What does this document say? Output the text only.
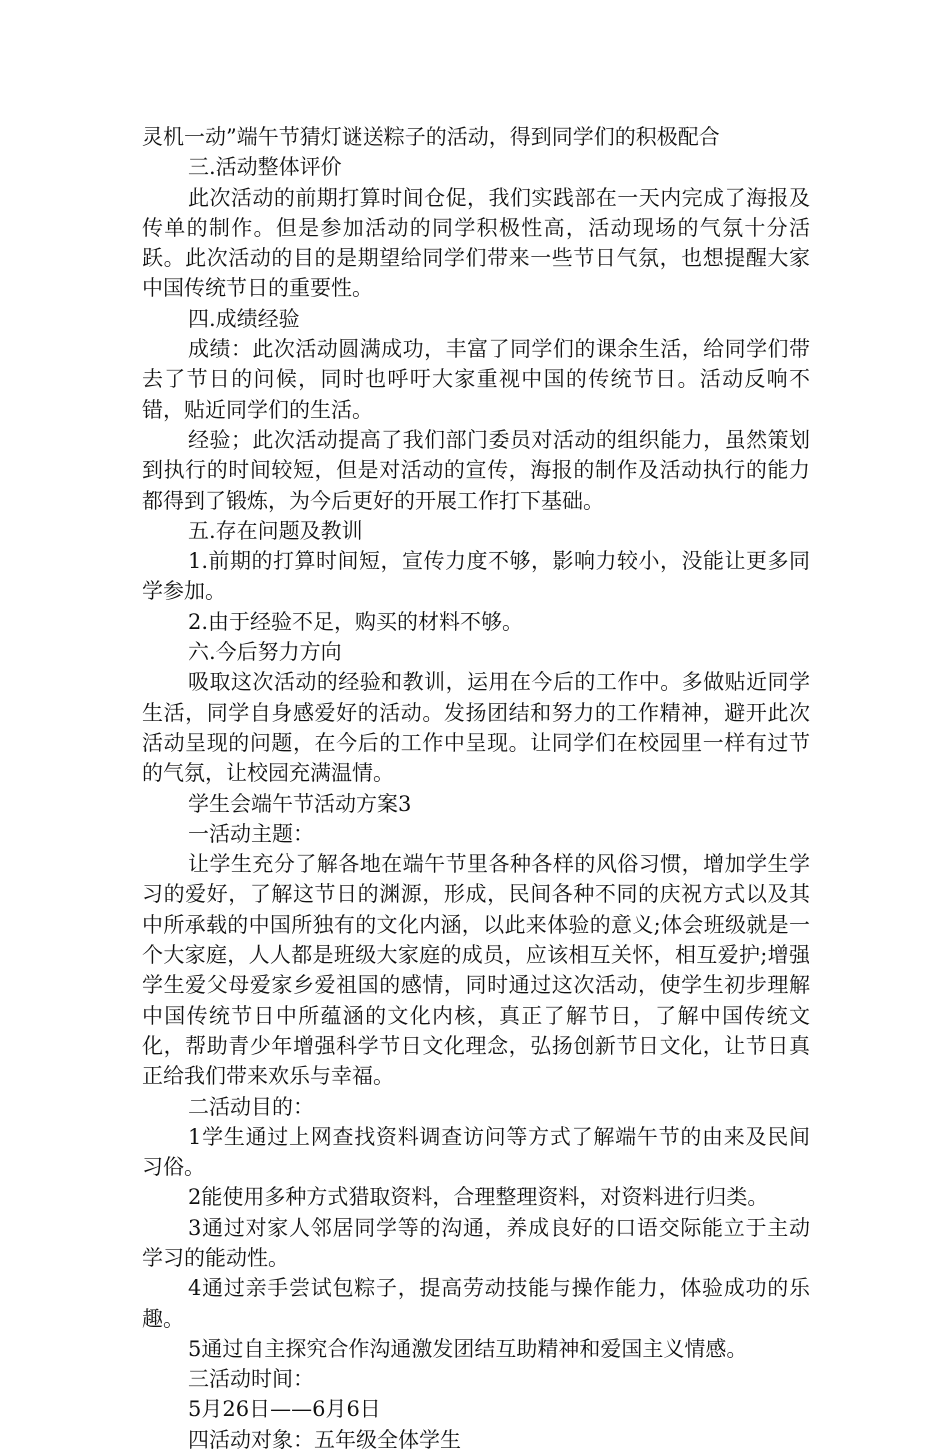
灵机一动”端午节猜灯谜送粽子的活动，得到同学们的积极配合

三.活动整体评价

此次活动的前期打算时间仓促，我们实践部在一天内完成了海报及传单的制作。但是参加活动的同学积极性高，活动现场的气氛十分活跃。此次活动的目的是期望给同学们带来一些节日气氛，也想提醒大家中国传统节日的重要性。

四.成绩经验

成绩：此次活动圆满成功，丰富了同学们的课余生活，给同学们带去了节日的问候，同时也呼吁大家重视中国的传统节日。活动反响不错，贴近同学们的生活。

经验；此次活动提高了我们部门委员对活动的组织能力，虽然策划到执行的时间较短，但是对活动的宣传，海报的制作及活动执行的能力都得到了锻炼，为今后更好的开展工作打下基础。

五.存在问题及教训

1.前期的打算时间短，宣传力度不够，影响力较小，没能让更多同学参加。

2.由于经验不足，购买的材料不够。

六.今后努力方向

吸取这次活动的经验和教训，运用在今后的工作中。多做贴近同学生活，同学自身感爱好的活动。发扬团结和努力的工作精神，避开此次活动呈现的问题，在今后的工作中呈现。让同学们在校园里一样有过节的气氛，让校园充满温情。

学生会端午节活动方案3

一活动主题：

让学生充分了解各地在端午节里各种各样的风俗习惯，增加学生学习的爱好，了解这节日的渊源，形成，民间各种不同的庆祝方式以及其中所承载的中国所独有的文化内涵，以此来体验的意义;体会班级就是一个大家庭，人人都是班级大家庭的成员，应该相互关怀，相互爱护;增强学生爱父母爱家乡爱祖国的感情，同时通过这次活动，使学生初步理解中国传统节日中所蕴涵的文化内核，真正了解节日，了解中国传统文化，帮助青少年增强科学节日文化理念，弘扬创新节日文化，让节日真正给我们带来欢乐与幸福。

二活动目的：

1学生通过上网查找资料调查访问等方式了解端午节的由来及民间习俗。

2能使用多种方式猎取资料，合理整理资料，对资料进行归类。

3通过对家人邻居同学等的沟通，养成良好的口语交际能立于主动学习的能动性。

4通过亲手尝试包粽子，提高劳动技能与操作能力，体验成功的乐趣。

5通过自主探究合作沟通激发团结互助精神和爱国主义情感。

三活动时间：

5月26日——6月6日

四活动对象：五年级全体学生
